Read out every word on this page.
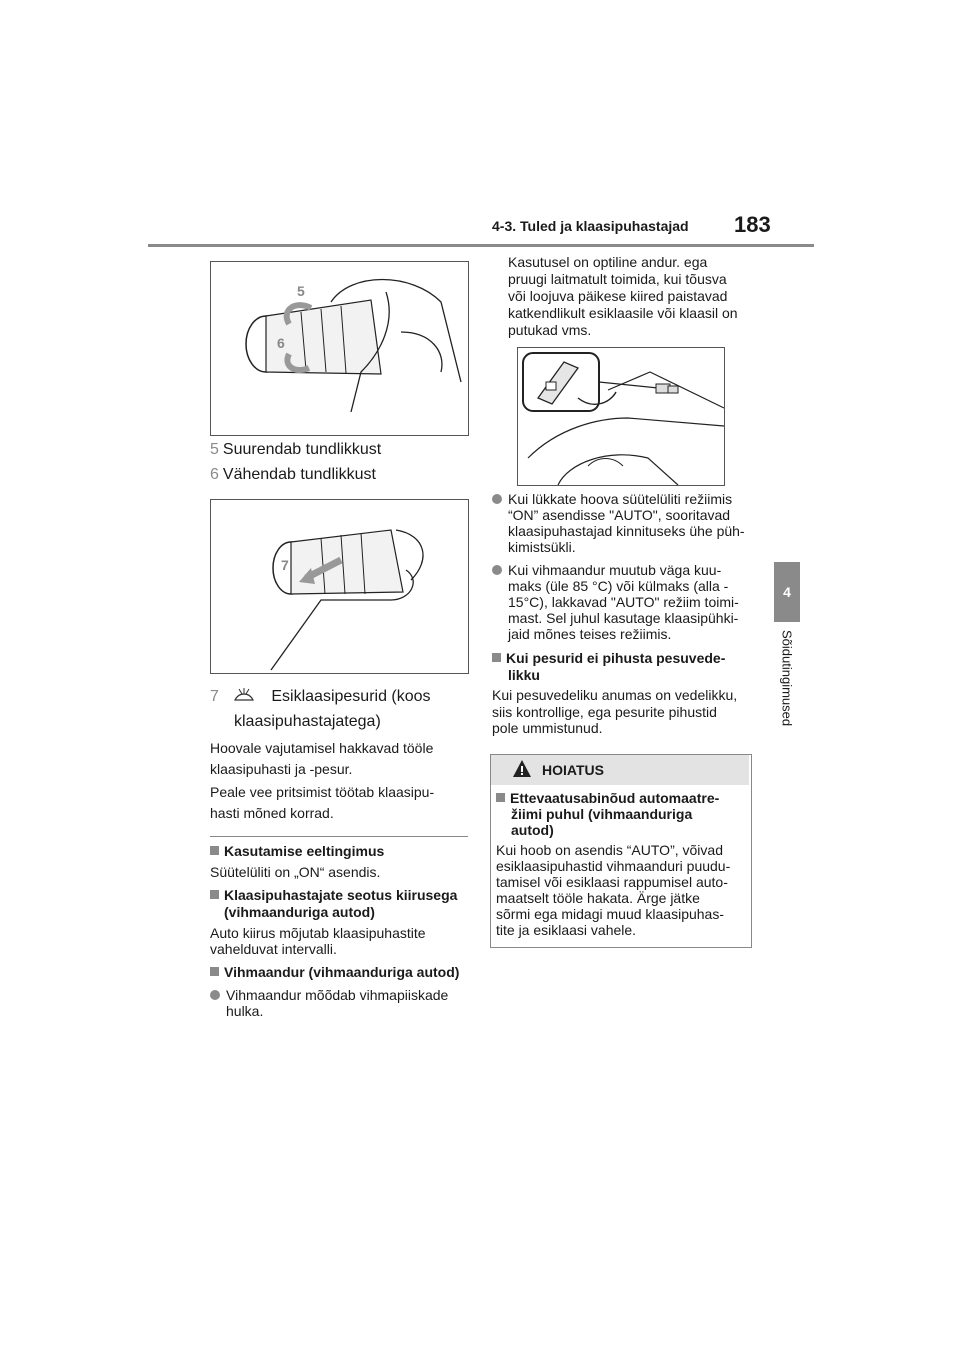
4-3. Tuled ja klaasipuhastajad 183
4
Sõidutingimused
5
6
5 Suurendab tundlikkust
6 Vähendab tundlikkust
7
7	Esiklaasipesurid (koos
klaasipuhastajatega)
Hoovale vajutamisel hakkavad tööle
klaasipuhasti ja -pesur.
Peale vee pritsimist töötab klaasipu-
hasti mõned korrad.
Kasutamise eeltingimus
Süütelüliti on „ON“ asendis.
Klaasipuhastajate seotus kiirusega
(vihmaanduriga autod)
Auto kiirus mõjutab klaasipuhastite
vahelduvat intervalli.
Vihmaandur (vihmaanduriga autod)
Vihmaandur mõõdab vihmapiiskade
hulka.
Kasutusel on optiline andur. ega
pruugi laitmatult toimida, kui tõusva
või loojuva päikese kiired paistavad
katkendlikult esiklaasile või klaasil on
putukad vms.
Kui lükkate hoova süütelüliti režiimis
“ON” asendisse "AUTO", sooritavad
klaasipuhastajad kinnituseks ühe püh-
kimistsükli.
Kui vihmaandur muutub väga kuu-
maks (üle 85 °C) või külmaks (alla -
15°C), lakkavad "AUTO" režiim toimi-
mast. Sel juhul kasutage klaasipühki-
jaid mõnes teises režiimis.
Kui pesurid ei pihusta pesuvede-
likku
Kui pesuvedeliku anumas on vedelikku,
siis kontrollige, ega pesurite pihustid
pole ummistunud.
HOIATUS
Ettevaatusabinõud automaatre-
žiimi puhul (vihmaanduriga
autod)
Kui hoob on asendis “AUTO”, võivad
esiklaasipuhastid vihmaanduri puudu-
tamisel või esiklaasi rappumisel auto-
maatselt tööle hakata. Ärge jätke
sõrmi ega midagi muud klaasipuhas-
tite ja esiklaasi vahele.
